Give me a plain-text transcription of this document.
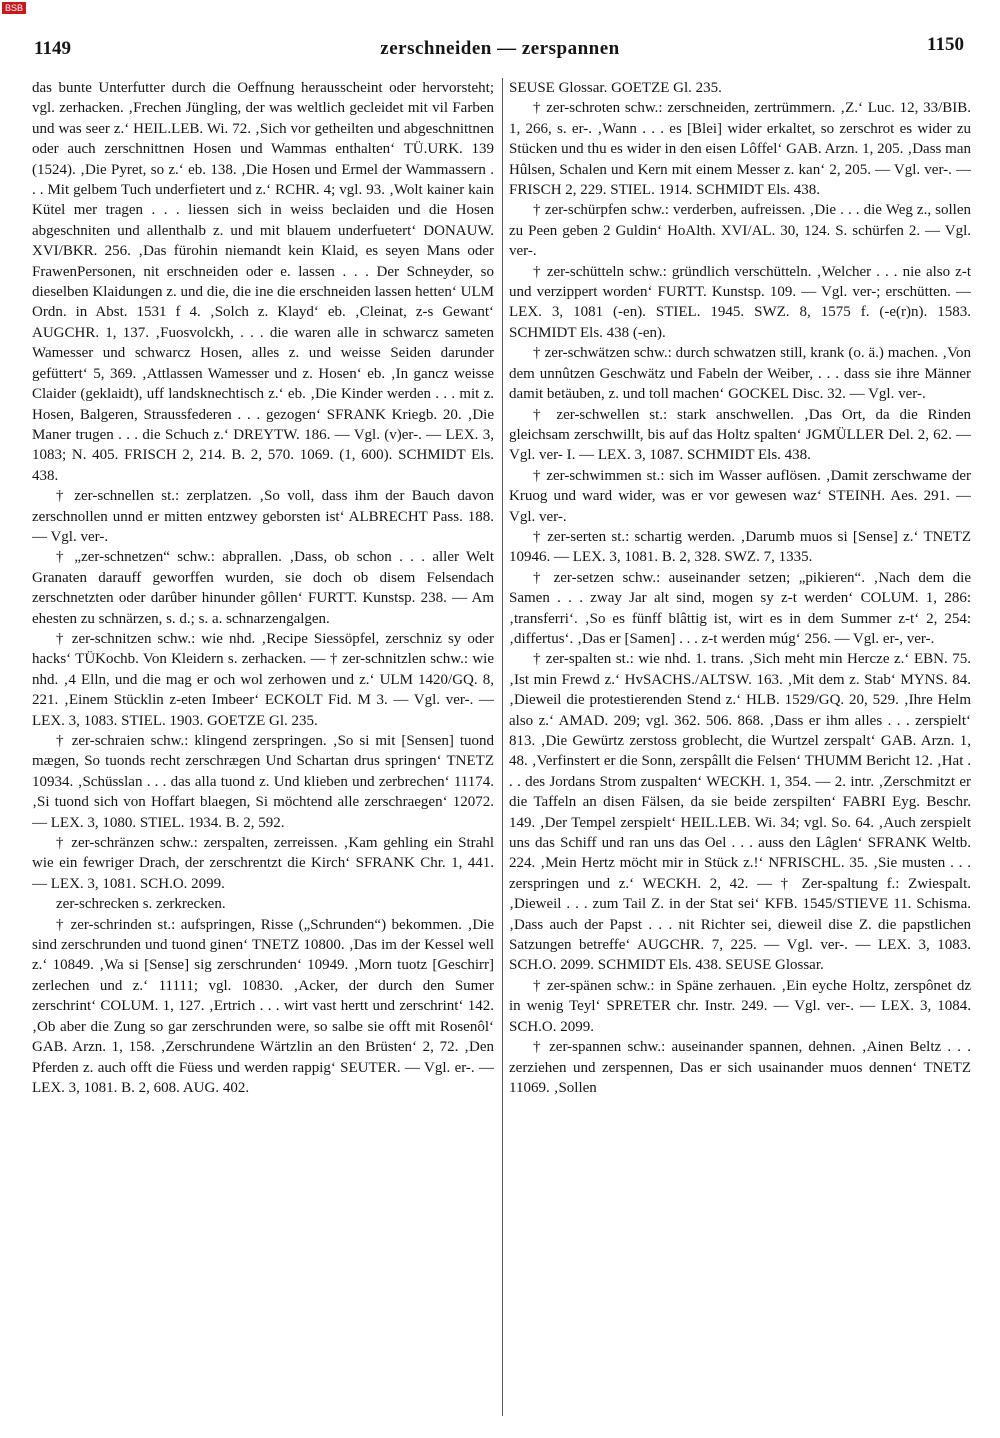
BSB
1149	zerschneiden — zerspannen	1150

das bunte Unterfutter durch die Oeffnung herausscheint oder hervorsteht; vgl. zerhacken. ‚Frechen Jüngling, der was weltlich gecleidet mit vil Farben und was seer z.‘ HEIL.LEB. Wi. 72. ‚Sich vor getheilten und abgeschnittnen oder auch zerschnittnen Hosen und Wammas enthalten‘ TÜ.URK. 139 (1524). ‚Die Pyret, so z.‘ eb. 138. ‚Die Hosen und Ermel der Wammassern . . . Mit gelbem Tuch underfietert und z.‘ RCHR. 4; vgl. 93. ‚Wolt kainer kain Kütel mer tragen . . . liessen sich in weiss beclaiden und die Hosen abgeschniten und allenthalb z. und mit blauem underfuetert‘ DONAUW. XVI/BKR. 256. ‚Das fürohin niemandt kein Klaid, es seyen Mans oder FrawenPersonen, nit erschneiden oder e. lassen . . . Der Schneyder, so dieselben Klaidungen z. und die, die ine die erschneiden lassen hetten‘ ULM Ordn. in Abst. 1531 f 4. ‚Solch z. Klayd‘ eb. ‚Cleinat, z-s Gewant‘ AUGCHR. 1, 137. ‚Fuosvolckh, . . . die waren alle in schwarcz sameten Wamesser und schwarcz Hosen, alles z. und weisse Seiden darunder gefüttert‘ 5, 369. ‚Attlassen Wamesser und z. Hosen‘ eb. ‚In gancz weisse Claider (geklaidt), uff landsknechtisch z.‘ eb. ‚Die Kinder werden . . . mit z. Hosen, Balgeren, Straussfederen . . . gezogen‘ SFRANK Kriegb. 20. ‚Die Maner trugen . . . die Schuch z.‘ DREYTW. 186. — Vgl. (v)er-. — LEX. 3, 1083; N. 405. FRISCH 2, 214. B. 2, 570. 1069. (1, 600). SCHMIDT Els. 438.

† zer-schnellen st.: zerplatzen. ‚So voll, dass ihm der Bauch davon zerschnollen unnd er mitten entzwey geborsten ist‘ ALBRECHT Pass. 188. — Vgl. ver-.

† „zer-schnetzen“ schw.: abprallen. ‚Dass, ob schon . . . aller Welt Granaten darauff geworffen wurden, sie doch ob disem Felsendach zerschnetzten oder darûber hinunder gôllen‘ FURTT. Kunstsp. 238. — Am ehesten zu schnärzen, s. d.; s. a. schnarzengalgen.

† zer-schnitzen schw.: wie nhd. ‚Recipe Siessöpfel, zerschniz sy oder hacks‘ TÜKochb. Von Kleidern s. zerhacken. — † zer-schnitzlen schw.: wie nhd. ‚4 Elln, und die mag er och wol zerhowen und z.‘ ULM 1420/GQ. 8, 221. ‚Einem Stücklin z-eten Imbeer‘ ECKOLT Fid. M 3. — Vgl. ver-. — LEX. 3, 1083. STIEL. 1903. GOETZE Gl. 235.

† zer-schraien schw.: klingend zerspringen. ‚So si mit [Sensen] tuond mægen, So tuonds recht zerschrægen Und Schartan drus springen‘ TNETZ 10934. ‚Schüsslan . . . das alla tuond z. Und klieben und zerbrechen‘ 11174. ‚Si tuond sich von Hoffart blaegen, Si möchtend alle zerschraegen‘ 12072. — LEX. 3, 1080. STIEL. 1934. B. 2, 592.

† zer-schränzen schw.: zerspalten, zerreissen. ‚Kam gehling ein Strahl wie ein fewriger Drach, der zerschrentzt die Kirch‘ SFRANK Chr. 1, 441. — LEX. 3, 1081. SCH.O. 2099.

zer-schrecken s. zerkrecken.

† zer-schrinden st.: aufspringen, Risse („Schrunden“) bekommen. ‚Die sind zerschrunden und tuond ginen‘ TNETZ 10800. ‚Das im der Kessel well z.‘ 10849. ‚Wa si [Sense] sig zerschrunden‘ 10949. ‚Morn tuotz [Geschirr] zerlechen und z.‘ 11111; vgl. 10830. ‚Acker, der durch den Sumer zerschrint‘ COLUM. 1, 127. ‚Ertrich . . . wirt vast hertt und zerschrint‘ 142. ‚Ob aber die Zung so gar zerschrunden were, so salbe sie offt mit Rosenôl‘ GAB. Arzn. 1, 158. ‚Zerschrundene Wärtzlin an den Brüsten‘ 2, 72. ‚Den Pferden z. auch offt die Füess und werden rappig‘ SEUTER. — Vgl. er-. — LEX. 3, 1081. B. 2, 608. AUG. 402.

SEUSE Glossar. GOETZE Gl. 235.

† zer-schroten schw.: zerschneiden, zertrümmern. ‚Z.‘ Luc. 12, 33/BIB. 1, 266, s. er-. ‚Wann . . . es [Blei] wider erkaltet, so zerschrot es wider zu Stücken und thu es wider in den eisen Lôffel‘ GAB. Arzn. 1, 205. ‚Dass man Hûlsen, Schalen und Kern mit einem Messer z. kan‘ 2, 205. — Vgl. ver-. — FRISCH 2, 229. STIEL. 1914. SCHMIDT Els. 438.

† zer-schürpfen schw.: verderben, aufreissen. ‚Die . . . die Weg z., sollen zu Peen geben 2 Guldin‘ HoAlth. XVI/AL. 30, 124. S. schürfen 2. — Vgl. ver-.

† zer-schütteln schw.: gründlich verschütteln. ‚Welcher . . . nie also z-t und verzippert worden‘ FURTT. Kunstsp. 109. — Vgl. ver-; erschütten. — LEX. 3, 1081 (-en). STIEL. 1945. SWZ. 8, 1575 f. (-e(r)n). 1583. SCHMIDT Els. 438 (-en).

† zer-schwätzen schw.: durch schwatzen still, krank (o. ä.) machen. ‚Von dem unnûtzen Geschwätz und Fabeln der Weiber, . . . dass sie ihre Männer damit betäuben, z. und toll machen‘ GOCKEL Disc. 32. — Vgl. ver-.

† zer-schwellen st.: stark anschwellen. ‚Das Ort, da die Rinden gleichsam zerschwillt, bis auf das Holtz spalten‘ JGMÜLLER Del. 2, 62. — Vgl. ver- I. — LEX. 3, 1087. SCHMIDT Els. 438.

† zer-schwimmen st.: sich im Wasser auflösen. ‚Damit zerschwame der Kruog und ward wider, was er vor gewesen waz‘ STEINH. Aes. 291. — Vgl. ver-.

† zer-serten st.: schartig werden. ‚Darumb muos si [Sense] z.‘ TNETZ 10946. — LEX. 3, 1081. B. 2, 328. SWZ. 7, 1335.

† zer-setzen schw.: auseinander setzen; „pikieren“. ‚Nach dem die Samen . . . zway Jar alt sind, mogen sy z-t werden‘ COLUM. 1, 286: ‚transferri‘. ‚So es fünff blâttig ist, wirt es in dem Summer z-t‘ 2, 254: ‚differtus‘. ‚Das er [Samen] . . . z-t werden múg‘ 256. — Vgl. er-, ver-.

† zer-spalten st.: wie nhd. 1. trans. ‚Sich meht min Hercze z.‘ EBN. 75. ‚Ist min Frewd z.‘ HvSACHS./ALTSW. 163. ‚Mit dem z. Stab‘ MYNS. 84. ‚Dieweil die protestierenden Stend z.‘ HLB. 1529/GQ. 20, 529. ‚Ihre Helm also z.‘ AMAD. 209; vgl. 362. 506. 868. ‚Dass er ihm alles . . . zerspielt‘ 813. ‚Die Gewürtz zerstoss groblecht, die Wurtzel zerspalt‘ GAB. Arzn. 1, 48. ‚Verfinstert er die Sonn, zerspâllt die Felsen‘ THUMM Bericht 12. ‚Hat . . . des Jordans Strom zuspalten‘ WECKH. 1, 354. — 2. intr. ‚Zerschmitzt er die Taffeln an disen Fälsen, da sie beide zerspilten‘ FABRI Eyg. Beschr. 149. ‚Der Tempel zerspielt‘ HEIL.LEB. Wi. 34; vgl. So. 64. ‚Auch zerspielt uns das Schiff und ran uns das Oel . . . auss den Lâglen‘ SFRANK Weltb. 224. ‚Mein Hertz möcht mir in Stück z.!‘ NFRISCHL. 35. ‚Sie musten . . . zerspringen und z.‘ WECKH. 2, 42. — † Zer-spaltung f.: Zwiespalt. ‚Dieweil . . . zum Tail Z. in der Stat sei‘ KFB. 1545/STIEVE 11. Schisma. ‚Dass auch der Papst . . . nit Richter sei, dieweil dise Z. die papstlichen Satzungen betreffe‘ AUGCHR. 7, 225. — Vgl. ver-. — LEX. 3, 1083. SCH.O. 2099. SCHMIDT Els. 438. SEUSE Glossar.

† zer-spänen schw.: in Späne zerhauen. ‚Ein eyche Holtz, zerspônet dz in wenig Teyl‘ SPRETER chr. Instr. 249. — Vgl. ver-. — LEX. 3, 1084. SCH.O. 2099.

† zer-spannen schw.: auseinander spannen, dehnen. ‚Ainen Beltz . . . zerziehen und zerspennen, Das er sich usainander muos dennen‘ TNETZ 11069. ‚Sollen
